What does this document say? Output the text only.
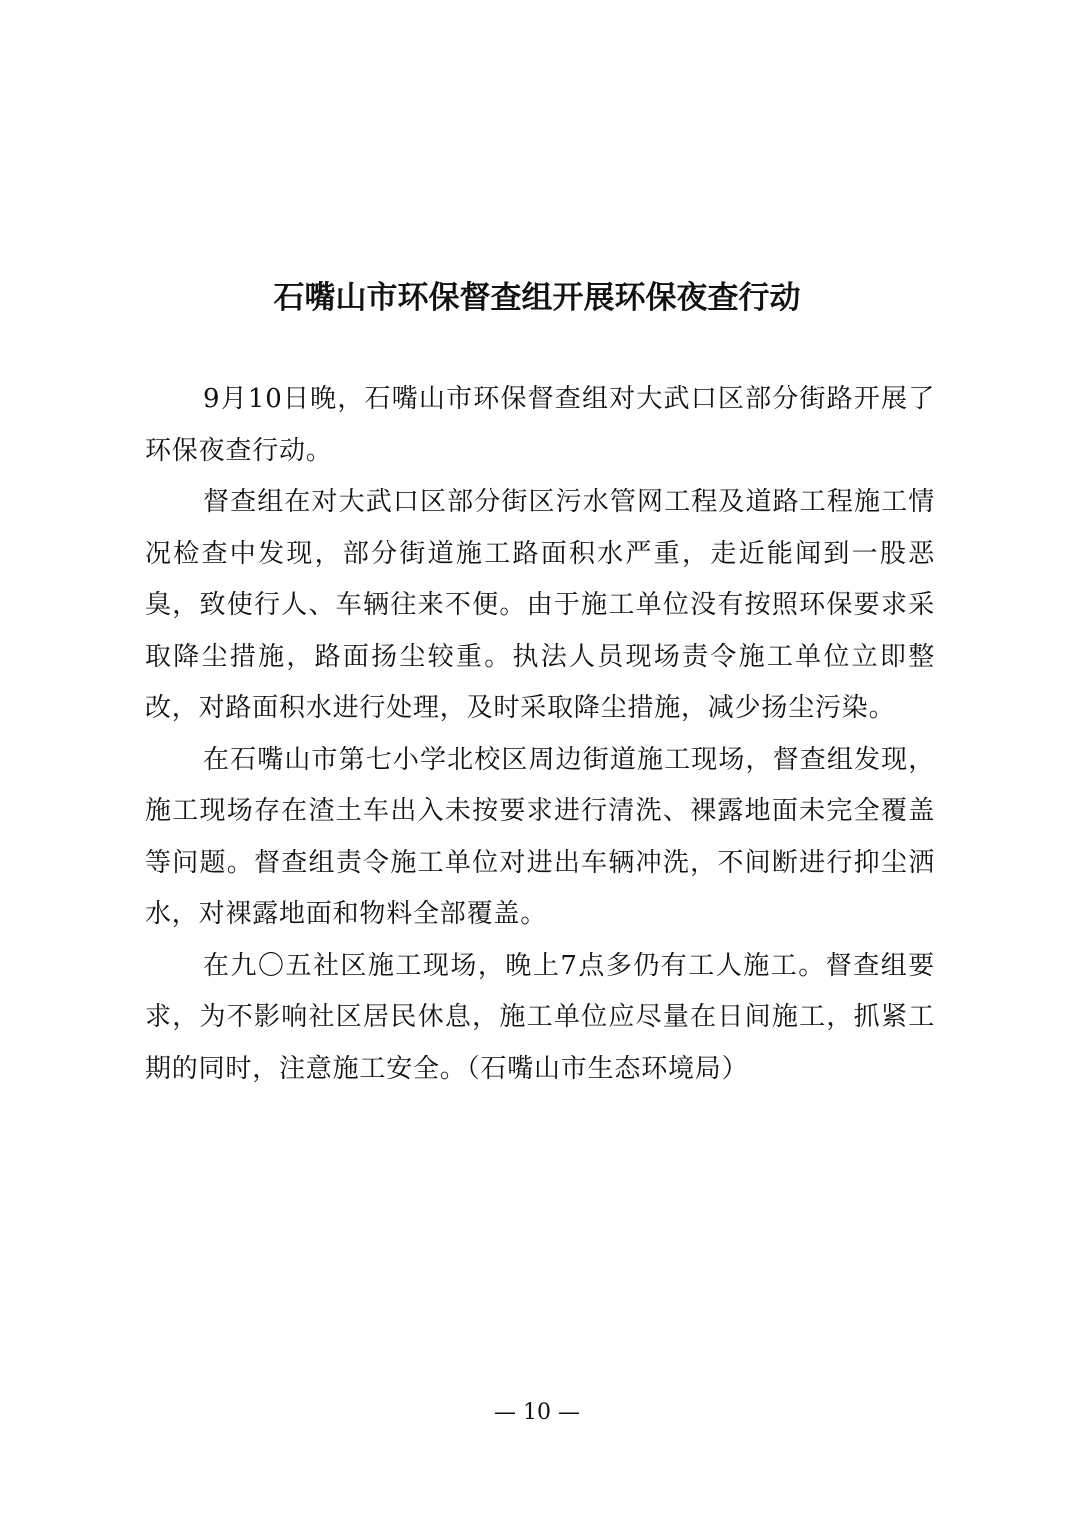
石嘴山市环保督查组开展环保夜查行动

9月10日晚，石嘴山市环保督查组对大武口区部分街路开展了环保夜查行动。

督查组在对大武口区部分街区污水管网工程及道路工程施工情况检查中发现，部分街道施工路面积水严重，走近能闻到一股恶臭，致使行人、车辆往来不便。由于施工单位没有按照环保要求采取降尘措施，路面扬尘较重。执法人员现场责令施工单位立即整改，对路面积水进行处理，及时采取降尘措施，减少扬尘污染。

在石嘴山市第七小学北校区周边街道施工现场，督查组发现，施工现场存在渣土车出入未按要求进行清洗、裸露地面未完全覆盖等问题。督查组责令施工单位对进出车辆冲洗，不间断进行抑尘洒水，对裸露地面和物料全部覆盖。

在九〇五社区施工现场，晚上7点多仍有工人施工。督查组要求，为不影响社区居民休息，施工单位应尽量在日间施工，抓紧工期的同时，注意施工安全。（石嘴山市生态环境局）

— 10 —
